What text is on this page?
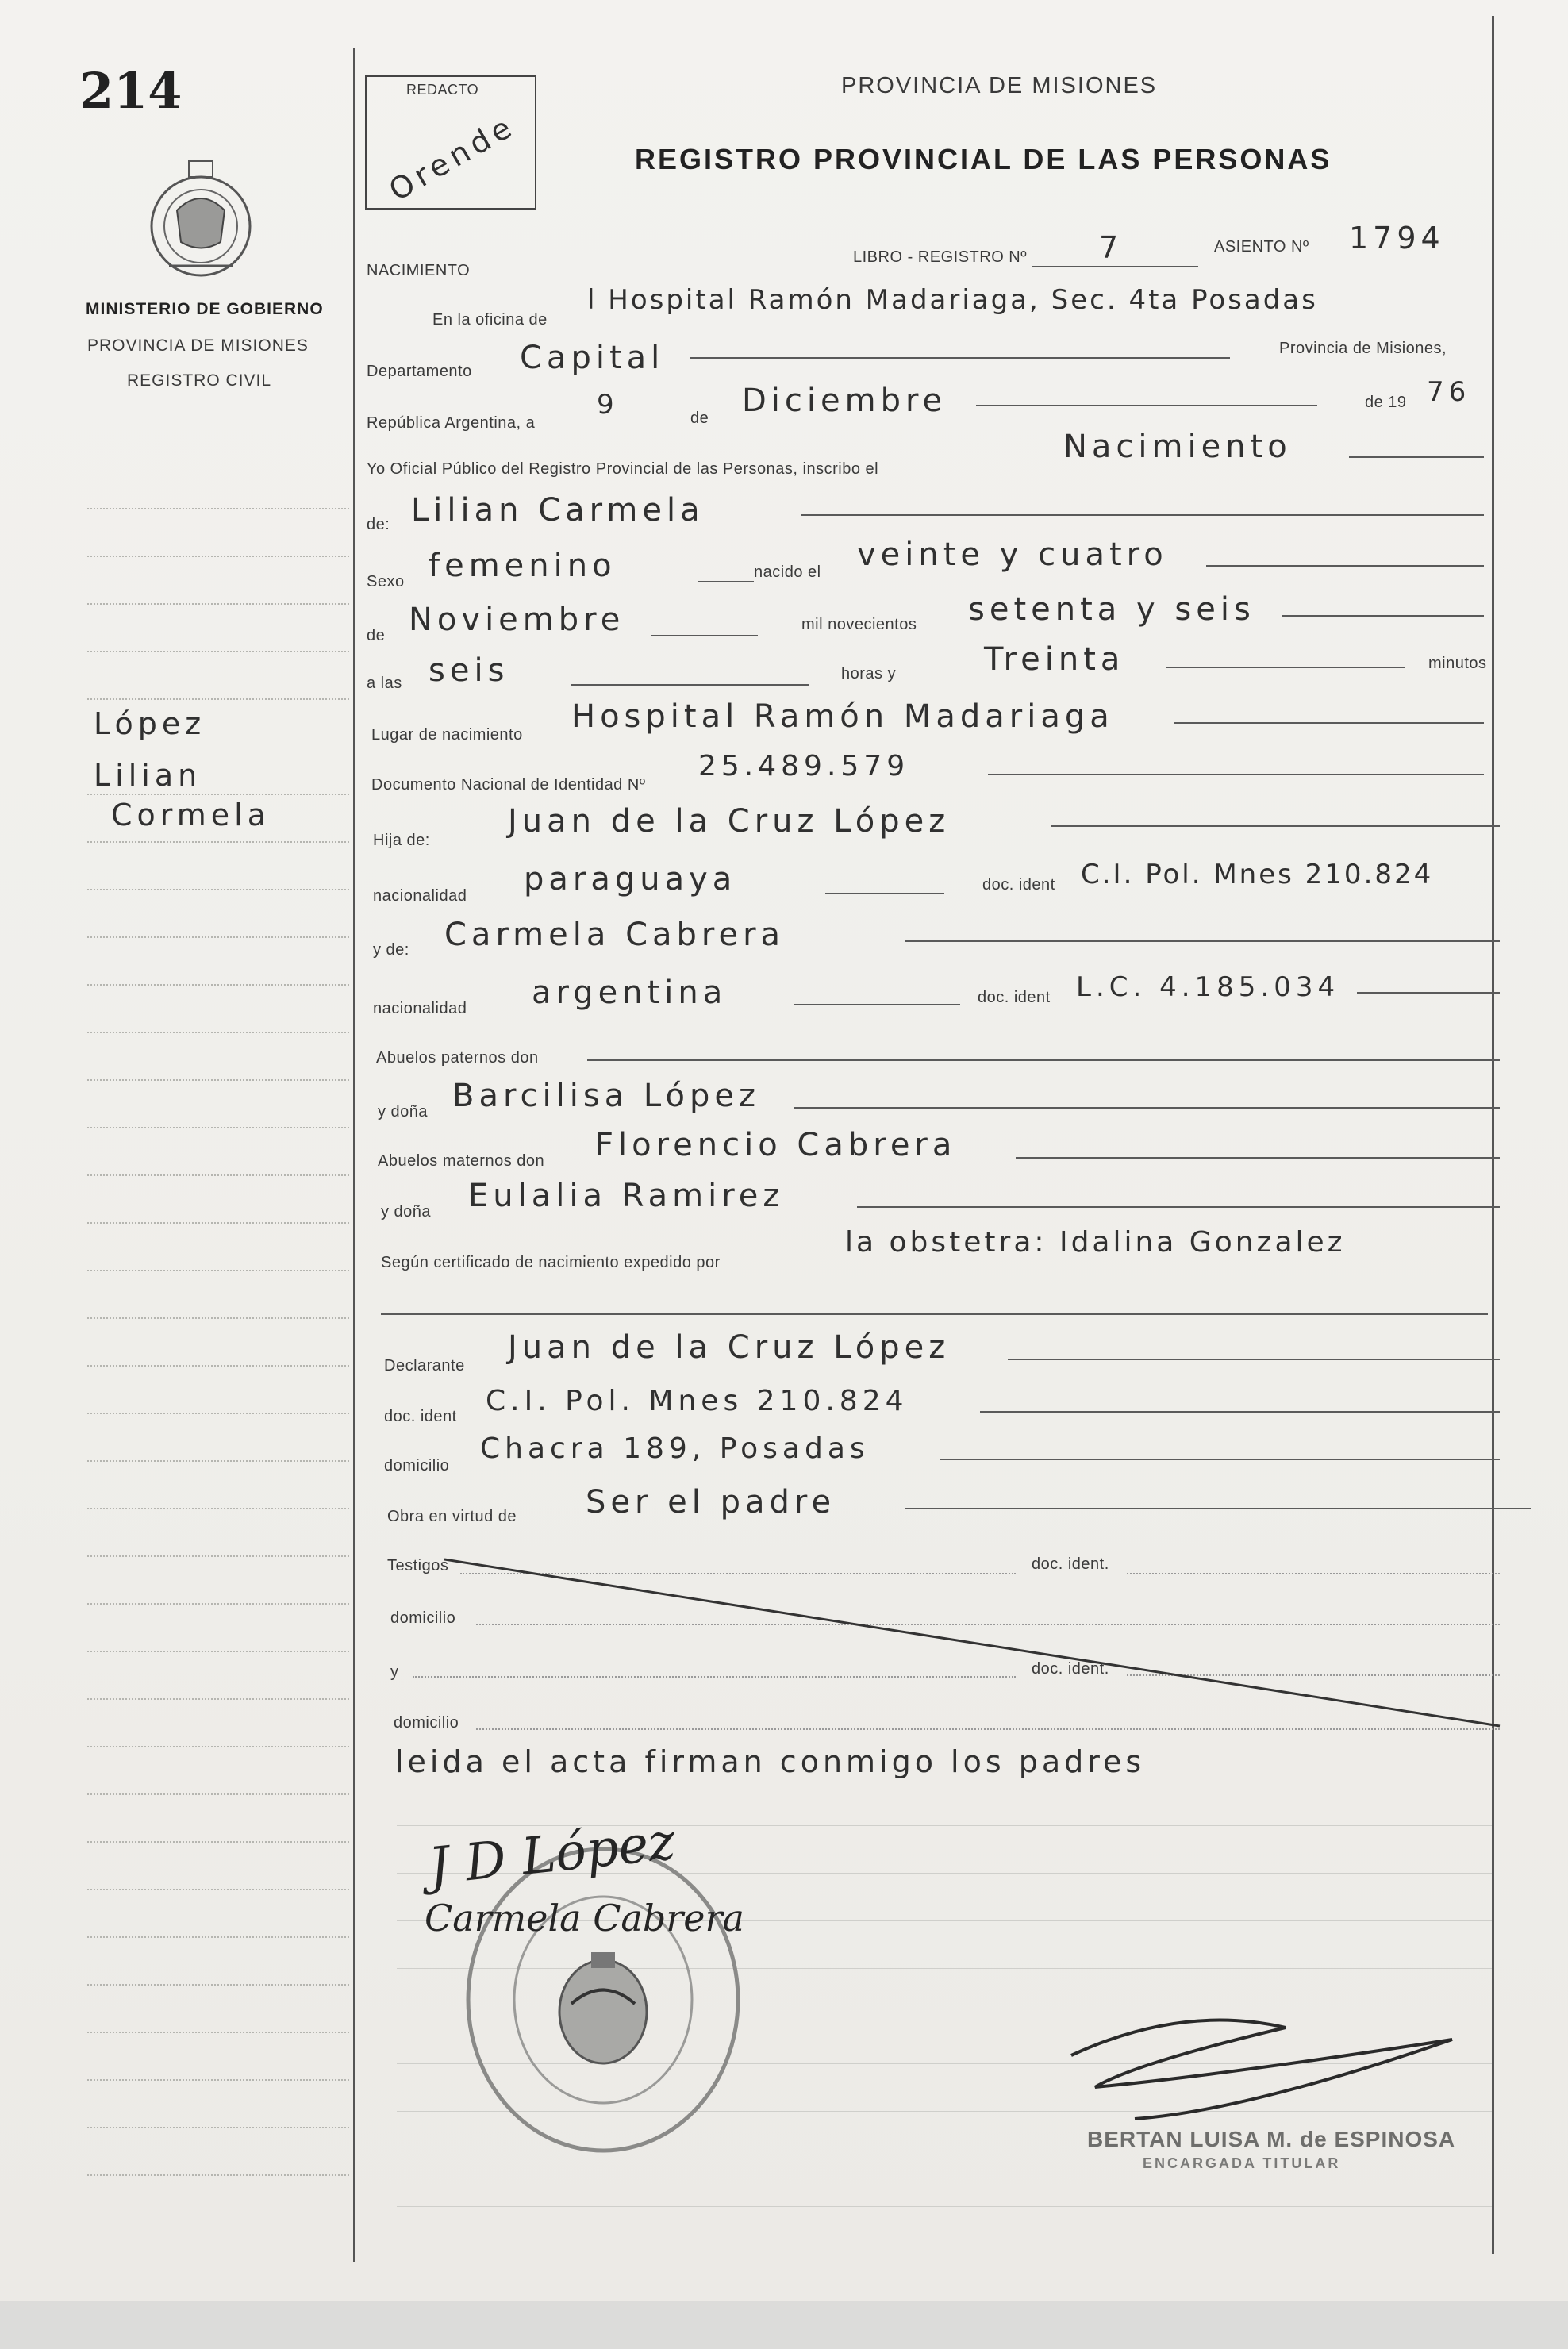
214
MINISTERIO DE GOBIERNO
PROVINCIA DE MISIONES
REGISTRO CIVIL
López
Lilian
Cormela
REDACTO
Orende
PROVINCIA DE MISIONES
REGISTRO PROVINCIAL DE LAS PERSONAS
NACIMIENTO
LIBRO - REGISTRO Nº 7	ASIENTO Nº 1794
En la oficina de
l Hospital Ramón Madariaga, Sec. 4ta Posadas
Departamento Capital	Provincia de Misiones,
República Argentina, a
9	de Diciembre	de 19 76
Yo Oficial Público del Registro Provincial de las Personas, inscribo el
Nacimiento
de: Lilian Carmela
Sexo femenino	nacido el veinte y cuatro
de Noviembre	mil novecientos setenta y seis
a las seis	horas y	Treinta	minutos
Lugar de nacimiento Hospital Ramón Madariaga
Documento Nacional de Identidad Nº
25.489.579
Hija de:
Juan de la Cruz López
nacionalidad paraguaya	doc. ident C.I. Pol. Mnes 210.824
y de: Carmela Cabrera
nacionalidad argentina	doc. ident L.C. 4.185.034
Abuelos paternos don
y doña Barcilisa López
Abuelos maternos don Florencio Cabrera
y doña Eulalia Ramirez
Según certificado de nacimiento expedido por
la obstetra: Idalina Gonzalez
Declarante Juan de la Cruz López
doc. ident C.I. Pol. Mnes 210.824
domicilio
Chacra 189, Posadas
Obra en virtud de Ser el padre
Testigos	doc. ident.
domicilio
y	doc. ident.
domicilio
leida el acta firman conmigo los padres
J D López
Carmela Cabrera
BERTAN LUISA M. de ESPINOSA
ENCARGADA TITULAR
